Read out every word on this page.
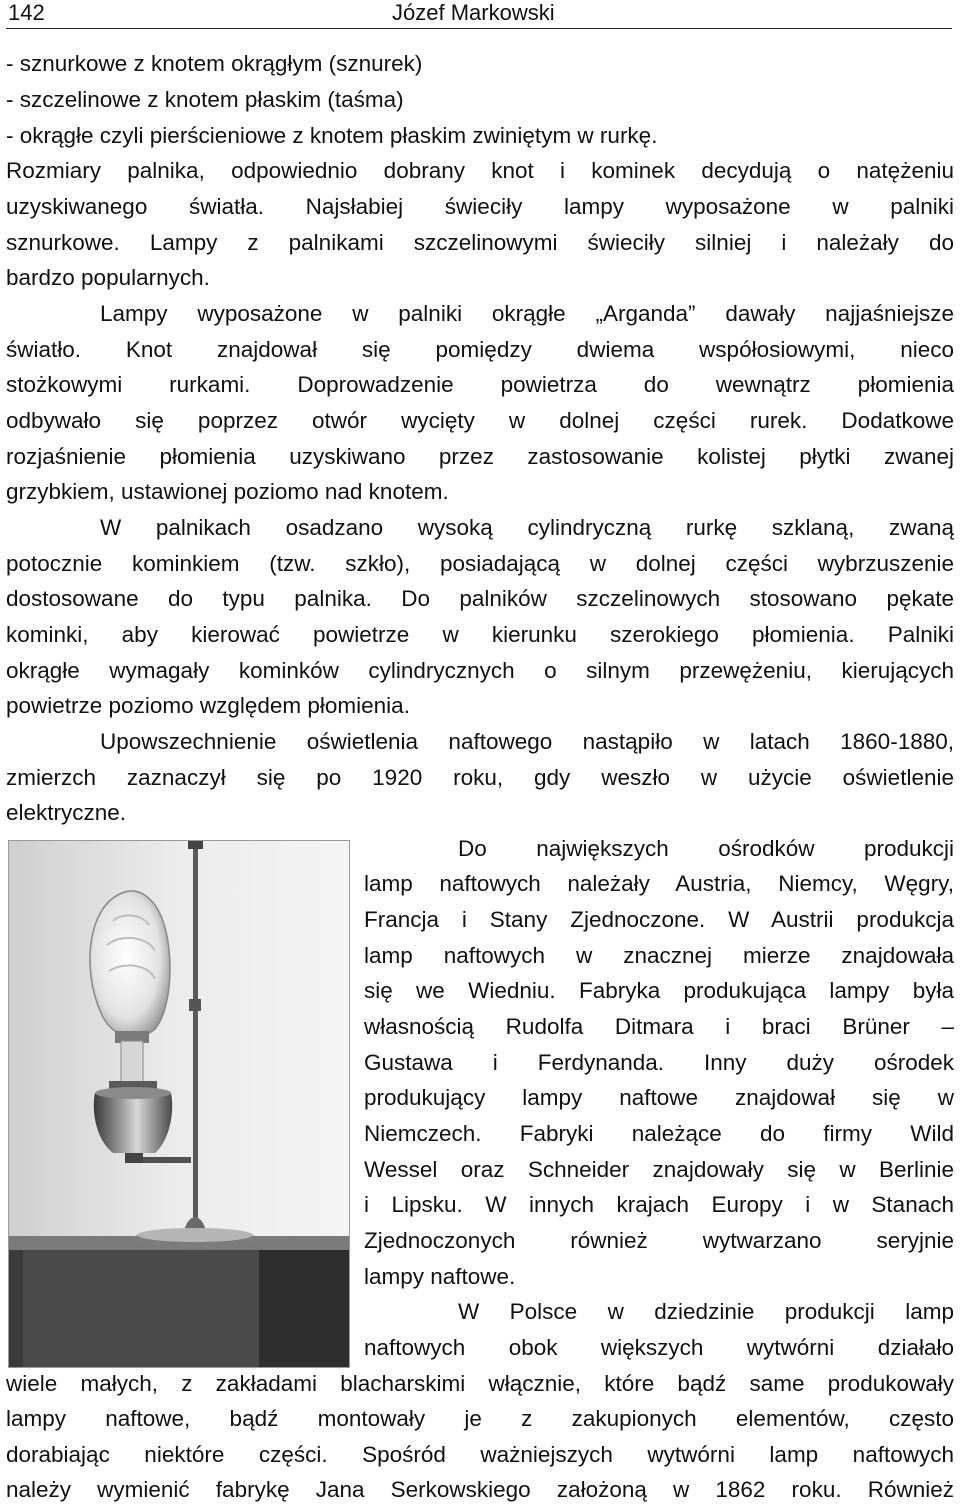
142	Józef Markowski
- sznurkowe z knotem okrągłym (sznurek)
- szczelinowe z knotem płaskim (taśma)
- okrągłe czyli pierścieniowe z knotem płaskim zwiniętym w rurkę.
Rozmiary palnika, odpowiednio dobrany knot i kominek decydują o natężeniu
uzyskiwanego światła. Najsłabiej świeciły lampy wyposażone w palniki
sznurkowe. Lampy z palnikami szczelinowymi świeciły silniej i należały do
bardzo popularnych.
Lampy wyposażone w palniki okrągłe „Arganda” dawały najjaśniejsze
światło. Knot znajdował się pomiędzy dwiema współosiowymi, nieco
stożkowymi rurkami. Doprowadzenie powietrza do wewnątrz płomienia
odbywało się poprzez otwór wycięty w dolnej części rurek. Dodatkowe
rozjaśnienie płomienia uzyskiwano przez zastosowanie kolistej płytki zwanej
grzybkiem, ustawionej poziomo nad knotem.
W palnikach osadzano wysoką cylindryczną rurkę szklaną, zwaną
potocznie kominkiem (tzw. szkło), posiadającą w dolnej części wybrzuszenie
dostosowane do typu palnika. Do palników szczelinowych stosowano pękate
kominki, aby kierować powietrze w kierunku szerokiego płomienia. Palniki
okrągłe wymagały kominków cylindrycznych o silnym przewężeniu, kierujących
powietrze poziomo względem płomienia.
Upowszechnienie oświetlenia naftowego nastąpiło w latach 1860-1880,
zmierzch zaznaczył się po 1920 roku, gdy weszło w użycie oświetlenie
elektryczne.
Do największych ośrodków produkcji
lamp naftowych należały Austria, Niemcy, Węgry,
Francja i Stany Zjednoczone. W Austrii produkcja
lamp naftowych w znacznej mierze znajdowała
się we Wiedniu. Fabryka produkująca lampy była
własnością Rudolfa Ditmara i braci Brüner –
Gustawa i Ferdynanda. Inny duży ośrodek
produkujący lampy naftowe znajdował się w
Niemczech. Fabryki należące do firmy Wild
Wessel oraz Schneider znajdowały się w Berlinie
i Lipsku. W innych krajach Europy i w Stanach
Zjednoczonych również wytwarzano seryjnie
lampy naftowe.
W Polsce w dziedzinie produkcji lamp
naftowych obok większych wytwórni działało
wiele małych, z zakładami blacharskimi włącznie, które bądź same produkowały
lampy naftowe, bądź montowały je z zakupionych elementów, często
dorabiając niektóre części. Spośród ważniejszych wytwórni lamp naftowych
należy wymienić fabrykę Jana Serkowskiego założoną w 1862 roku. Również
